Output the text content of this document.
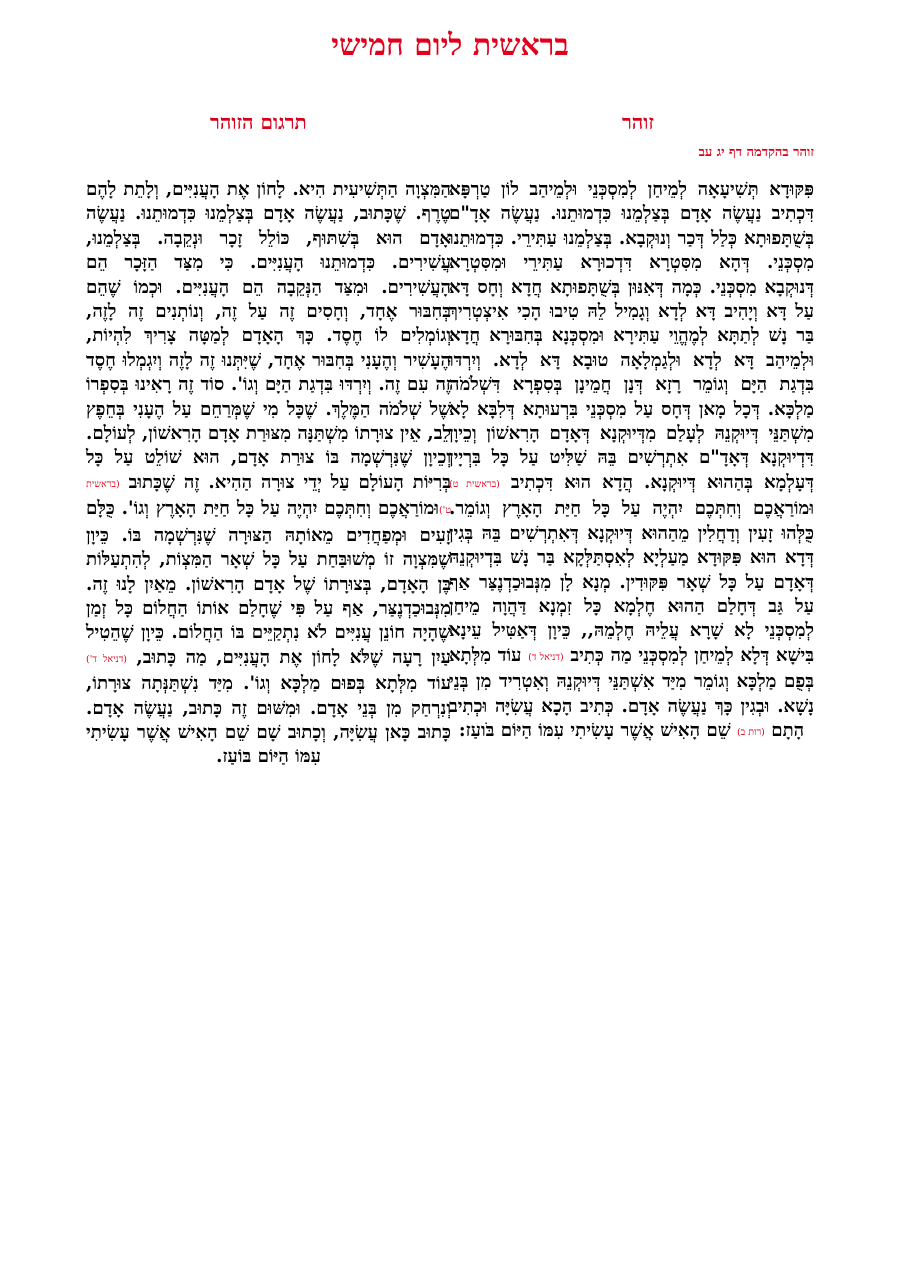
בראשית ליום חמישי
זוהר
תרגום הזוהר
זוהר בהקדמה דף יג עב

פִּקּוּדָא תְּשִׁיעָאָה לְמֵיחַן לְמִסְכְּנֵי וּלְמֵיהַב לוֹן טַרְפָּא דִּכְתִיב נַעֲשֶׂה אָדָם בְּצַלְמֵנוּ כִּדְמוּתֵנוּ. נַעֲשֶׂה אָדָ"ם בְּשֻׁתָּפוּתָא כְּלַל דְּכַר וְנוּקְבָא. בְּצַלְמֵנוּ עַתִּירֵי. כִּדְמוּתֵנוּ מִסְכְּנֵי. דְּהָא מִסִּטְרָא דִּדְכוּרָא עַתִּירֵי וּמִסִּטְרָא דְּנוּקְבָא מִסְכְּנֵי. כְּמָה דְּאִנּוּן בְּשֻׁתָּפוּתָא חֲדָא וְחָס דָּא עַל דָּא וְיָהִיב דָּא לְדָא וְגָמִיל לֵהּ טִיבוּ הָכִי אִיצְטְרִיךְ בַּר נָשׁ לְתַתָּא לְמֶהֱוֵי עַתִּירָא וּמִסְכְּנָא בְּחִבּוּרָא חֲדָא וּלְמֵיהַב דָּא לְדָא וּלְגַמְלָאָה טוּבָא דָּא לְדָא. וְיִרְדּוּ בִּדְגַת הַיָּם וְגוֹמֵר רָזָא דְּנָן חֲמֵינָן בְּסִפְרָא דִּשְׁלֹמֹה מַלְכָּא. דְּכָל מָאן דְּחָס עַל מִסְכְּנֵי בִּרְעוּתָא דְּלִבָּא לָא מִשְׁתַּנֵּי דְּיוּקְנֵהּ לְעָלַם מִדְּיוּקְנָא דְּאָדָם הָרִאשׁוֹן וְכֵיוָן דִּדְיוּקְנָא דְּאָדָ"ם אִתְרְשִׁים בֵּהּ שַׁלִּיט עַל כָּל בִּרְיָין דְּעָלְמָא בְּהַהוּא דְּיוּקְנָא. הֲדָא הוּא דִּכְתִיב (בראשית ט) וּמוֹרַאֲכֶם וְחִתְּכֶם יִהְיֶה עַל כָּל חַיַּת הָאָרֶץ וְגוֹמֵר. כֻּלְּהוּ זָעִין וְדַחֲלִין מֵהַהוּא דְּיוּקְנָא דְּאִתְרְשִׁים בֵּהּ בְּגִין דְּדָא הוּא פִּקּוּדָא מַעַלְיָא לְאִסְתַּלְּקָא בַּר נָשׁ בִּדְיוּקְנֵהּ דְּאָדָם עַל כָּל שְׁאָר פִּקּוּדִין. מְנָא לָן מִנְּבוּכַדְנֶצַּר אַף עַל גַּב דְּחָלַם הַהוּא חֶלְמָא כָּל זִמְנָא דַּהֲוָה מֵיחַן לְמִסְכְּנֵי לָא שָׁרָא עֲלֵיהּ חֶלְמֵהּ,, כֵּיוָן דְּאַטִּיל עֵינָא בִּישָׁא דְּלָא לְמֵיחַן לְמִסְכְּנֵי מַה כְּתִיב (דניאל ד) עוֹד מִלְּתָא בְּפֻם מַלְכָּא וְגוֹמֵר מִיַּד אִשְׁתַּנֵּי דְּיוּקְנֵהּ וְאִטְרִיד מִן בְּנֵי נָשָׁא. וּבְגִין כָּךְ נַעֲשֶׂה אָדָם. כְּתִיב הָכָא עֲשִׂיָּה וּכְתִיב הָתָם (רות ב) שֵׁם הָאִישׁ אֲשֶׁר עָשִׂיתִי עִמּוֹ הַיּוֹם בֹּועַז:

הַמִּצְוָה הַתְּשִׁיעִית הִיא. לָחוֹן אֶת הָעֲנִיִּים, וְלָתֵת לָהֶם טֶרֶף. שֶׁכָּתוּב, נַעֲשֶׂה אָדָם בְּצַלְמֵנוּ כִּדְמוּתֵנוּ. נַעֲשֶׂה אָדָם הוּא בְּשִׁתּוּף, כּוֹלֵל זָכָר וּנְקֵבָה. בְּצַלְמֵנוּ, עֲשִׁירִים. כִּדְמוּתֵנוּ הָעֲנִיִּים. כִּי מִצַּד הַזָּכָר הֵם הָעֲשִׁירִים. וּמִצַּד הַנְּקֵבָה הֵם הָעֲנִיִּים. וּכְמוֹ שֶׁהֵם בְּחִבּוּר אֶחָד, וְחָסִים זֶה עַל זֶה, וְנוֹתְנִים זֶה לָזֶה, וְגוֹמְלִים לוֹ חֶסֶד. כָּךְ הָאָדָם לְמַטָּה צָרִיךְ לִהְיוֹת, הֶעָשִׁיר וְהֶעָנִי בְּחִבּוּר אֶחָד, שֶׁיִּתְּנוּ זֶה לָזֶה וְיִגְמְלוּ חֶסֶד זֶה עִם זֶה. וְיִרְדּוּ בִּדְגַת הַיָּם וְגוֹ'. סוֹד זֶה רָאִינוּ בְּסִפְרוֹ שֶׁל שְׁלֹמֹה הַמֶּלֶךְ. שֶׁכָּל מִי שֶׁמְּרַחֵם עַל הֶעָנִי בְּחֵפֶץ לֵב, אֵין צוּרָתוֹ מִשְׁתַּנָּה מִצּוּרַת אָדָם הָרִאשׁוֹן, לְעוֹלָם. וְכֵיוָן שֶׁנִּרְשְׁמָה בּוֹ צוּרַת אָדָם, הוּא שׁוֹלֵט עַל כָּל בְּרִיּוֹת הָעוֹלָם עַל יְדֵי צוּרָה הַהִיא. זֶה שֶׁכָּתוּב (בראשית ט')וּמוֹרַאֲכֶם וְחִתְּכֶם יִהְיֶה עַל כָּל חַיַּת הָאָרֶץ וְגוֹ'. כֻּלָּם זָעִים וּמְפַחֲדִים מֵאוֹתָהּ הַצּוּרָה שֶׁנִּרְשְׁמָה בּוֹ. כֵּיוָן שֶׁמִּצְוָה זוֹ מְשׁוּבַּחַת עַל כָּל שְׁאָר הַמִּצְוֹת, לְהִתְעַלּוֹת בֶּן הָאָדָם, בְּצוּרָתוֹ שֶׁל אָדָם הָרִאשׁוֹן. מֵאַיִן לָנוּ זֶה. מִנְּבוּכַדְנֶצַּר, אַף עַל פִּי שֶׁחָלַם אוֹתוֹ הַחֲלוֹם כָּל זְמַן שֶׁהָיָה חוֹנֵן עֲנִיִּים לֹא נִתְקַיֵּים בּוֹ הַחֲלוֹם. כֵּיוָן שֶׁהֵטִיל עַיִן רָעָה שֶׁלֹּא לָחוֹן אֶת הָעֲנִיִּים, מַה כָּתוּב, (דניאל ד') עוֹד מִלְּתָא בְּפוּם מַלְכָּא וְגוֹ'. מִיַּד נִשְׁתַּנְּתָה צוּרָתוֹ, וְנִרְחַק מִן בְּנֵי אָדָם. וּמִשּׁוּם זֶה כָּתוּב, נַעֲשֶׂה אָדָם. כָּתוּב כָּאן עֲשִׂיָּה, וְכָתוּב שָׁם שֵׁם הָאִישׁ אֲשֶׁר עָשִׂיתִי עִמּוֹ הַיּוֹם בּוֹעַז.
